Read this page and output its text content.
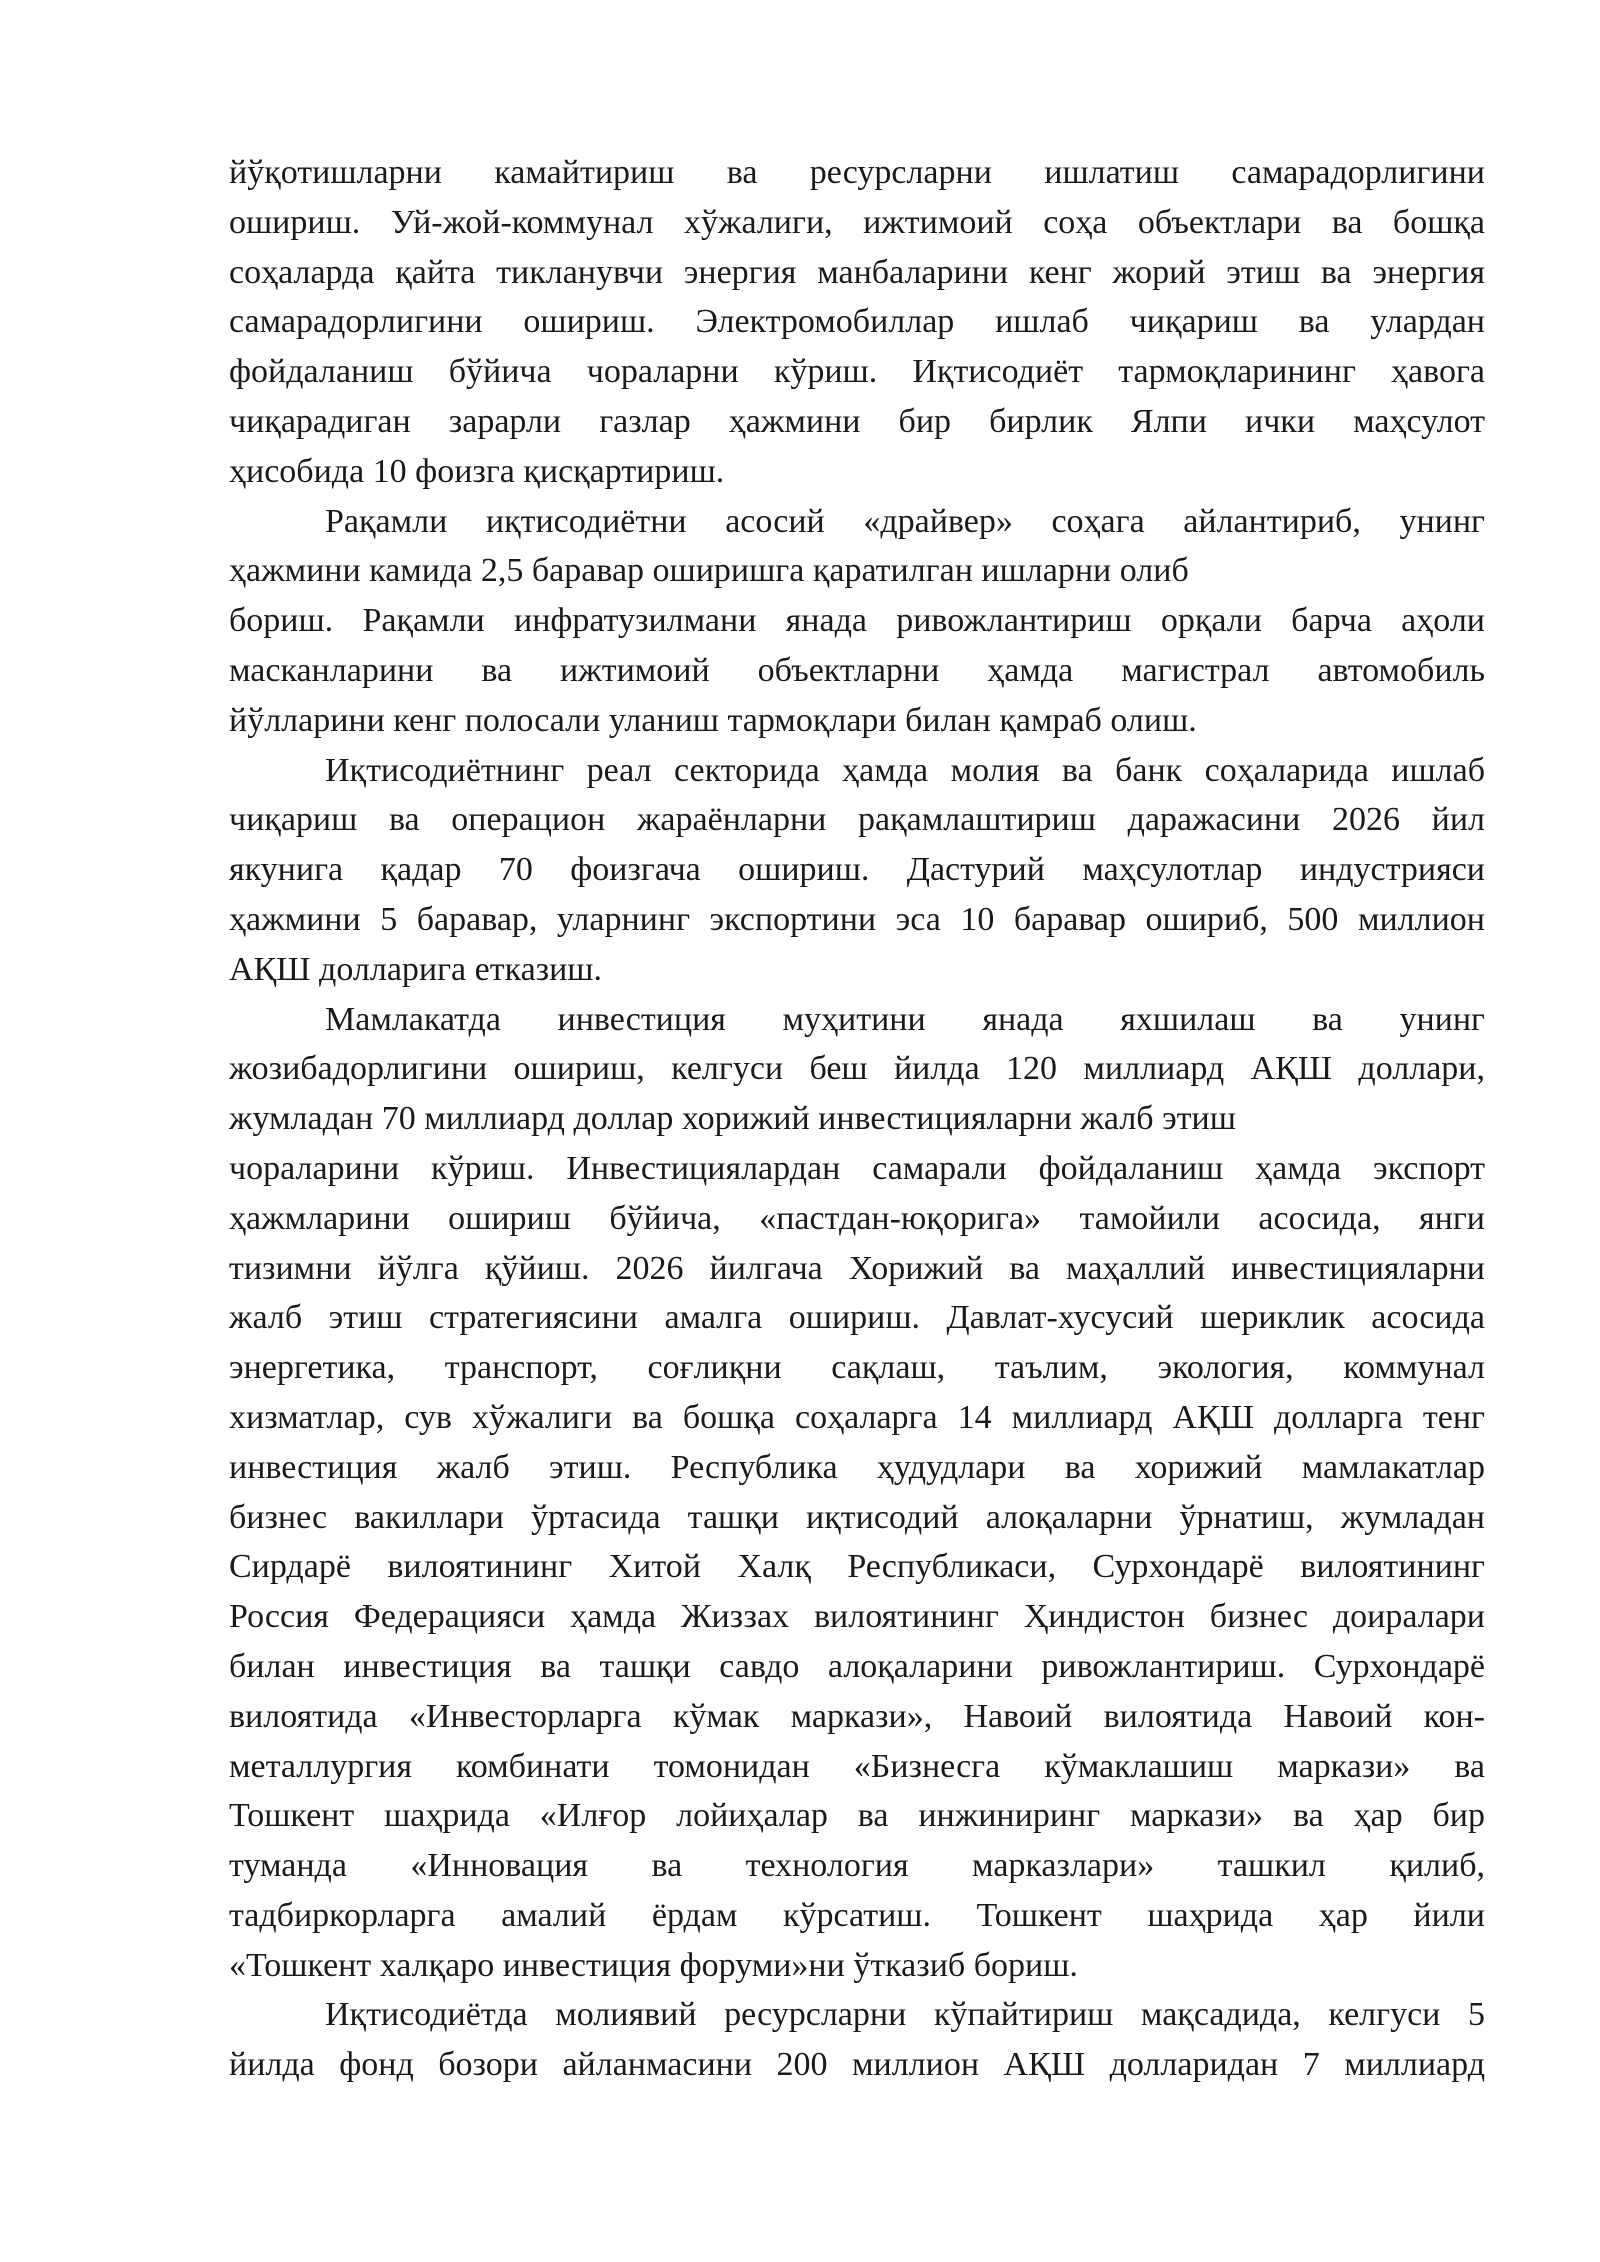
йўқотишларни камайтириш ва ресурсларни ишлатиш самарадорлигини
ошириш. Уй-жой-коммунал хўжалиги, ижтимоий соҳа объектлари ва бошқа
соҳаларда қайта тикланувчи энергия манбаларини кенг жорий этиш ва энергия
самарадорлигини ошириш. Электромобиллар ишлаб чиқариш ва улардан
фойдаланиш бўйича чораларни кўриш. Иқтисодиёт тармоқларининг ҳавога
чиқарадиган зарарли газлар ҳажмини бир бирлик Ялпи ички маҳсулот
ҳисобида 10 фоизга қисқартириш.
Рақамли иқтисодиётни асосий «драйвер» соҳага айлантириб, унинг
ҳажмини камида 2,5 баравар оширишга қаратилган ишларни олиб
бориш. Рақамли инфратузилмани янада ривожлантириш орқали барча аҳоли
масканларини ва ижтимоий объектларни ҳамда магистрал автомобиль
йўлларини кенг полосали уланиш тармоқлари билан қамраб олиш.
Иқтисодиётнинг реал секторида ҳамда молия ва банк соҳаларида ишлаб
чиқариш ва операцион жараёнларни рақамлаштириш даражасини 2026 йил
якунига қадар 70 фоизгача ошириш. Дастурий маҳсулотлар индустрияси
ҳажмини 5 баравар, уларнинг экспортини эса 10 баравар ошириб, 500 миллион
АҚШ долларига етказиш.
Мамлакатда инвестиция муҳитини янада яхшилаш ва унинг
жозибадорлигини ошириш, келгуси беш йилда 120 миллиард АҚШ доллари,
жумладан 70 миллиард доллар хорижий инвестицияларни жалб этиш
чораларини кўриш. Инвестициялардан самарали фойдаланиш ҳамда экспорт
ҳажмларини ошириш бўйича, «пастдан-юқорига» тамойили асосида, янги
тизимни йўлга қўйиш. 2026 йилгача Хорижий ва маҳаллий инвестицияларни
жалб этиш стратегиясини амалга ошириш. Давлат-хусусий шериклик асосида
энергетика, транспорт, соғлиқни сақлаш, таълим, экология, коммунал
хизматлар, сув хўжалиги ва бошқа соҳаларга 14 миллиард АҚШ долларга тенг
инвестиция жалб этиш. Республика ҳудудлари ва хорижий мамлакатлар
бизнес вакиллари ўртасида ташқи иқтисодий алоқаларни ўрнатиш, жумладан
Сирдарё вилоятининг Хитой Халқ Республикаси, Сурхондарё вилоятининг
Россия Федерацияси ҳамда Жиззах вилоятининг Ҳиндистон бизнес доиралари
билан инвестиция ва ташқи савдо алоқаларини ривожлантириш. Сурхондарё
вилоятида «Инвесторларга кўмак маркази», Навоий вилоятида Навоий кон-
металлургия комбинати томонидан «Бизнесга кўмаклашиш маркази» ва
Тошкент шаҳрида «Илғор лойиҳалар ва инжиниринг маркази» ва ҳар бир
туманда «Инновация ва технология марказлари» ташкил қилиб,
тадбиркорларга амалий ёрдам кўрсатиш. Тошкент шаҳрида ҳар йили
«Тошкент халқаро инвестиция форуми»ни ўтказиб бориш.
Иқтисодиётда молиявий ресурсларни кўпайтириш мақсадида, келгуси 5
йилда фонд бозори айланмасини 200 миллион АҚШ долларидан 7 миллиард
